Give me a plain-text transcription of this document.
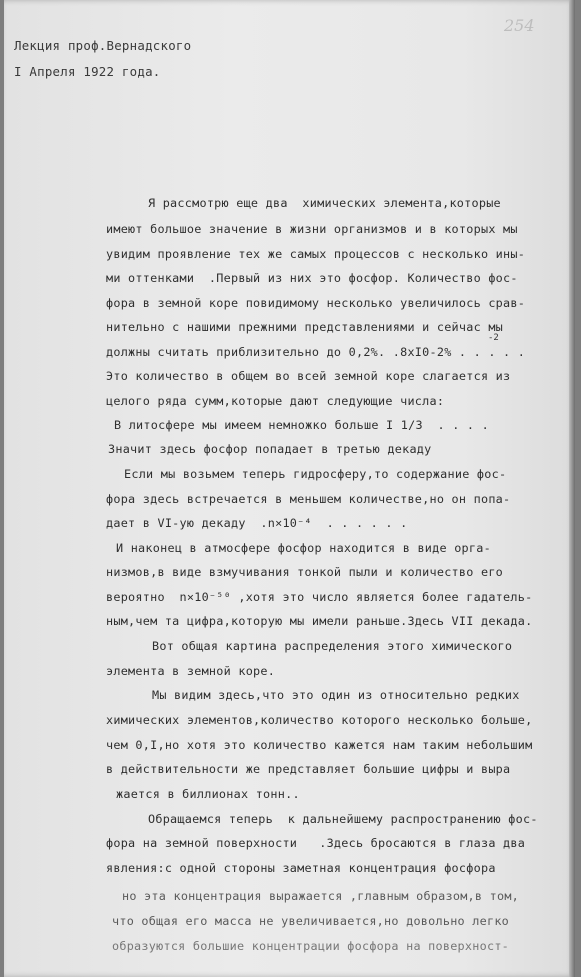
254
Лекция проф.Вернадского
I Апреля 1922 года.
Я рассмотрю еще два  химических элемента,которые
имеют большое значение в жизни организмов и в которых мы
увидим проявление тех же самых процессов с несколько ины-
ми оттенками  .Первый из них это фосфор. Количество фос-
фора в земной коре повидимому несколько увеличилось срав-
нительно с нашими прежними представлениями и сейчас мы
должны считать приблизительно до 0,2%. .8xI0-2% . . . . .
Это количество в общем во всей земной коре слагается из
целого ряда сумм,которые дают следующие числа:
В литосфере мы имеем немножко больше I 1/3  . . . .
Значит здесь фосфор попадает в третью декаду
Если мы возьмем теперь гидросферу,то содержание фос-
фора здесь встречается в меньшем количестве,но он попа-
дает в VI-ую декаду  .n×10⁻⁴  . . . . . .
И наконец в атмосфере фосфор находится в виде орга-
низмов,в виде взмучивания тонкой пыли и количество его
вероятно  n×10⁻⁵⁰ ,хотя это число является более гадатель-
ным,чем та цифра,которую мы имели раньше.Здесь VII декада.
Вот общая картина распределения этого химического
элемента в земной коре.
Мы видим здесь,что это один из относительно редких
химических элементов,количество которого несколько больше,
чем 0,I,но хотя это количество кажется нам таким небольшим
в действительности же представляет большие цифры и выра
жается в биллионах тонн..
Обращаемся теперь  к дальнейшему распространению фос-
фора на земной поверхности   .Здесь бросаются в глаза два
явления:с одной стороны заметная концентрация фосфора
но эта концентрация выражается ,главным образом,в том,
что общая его масса не увеличивается,но довольно легко
образуются большие концентрации фосфора на поверхност-
-2
